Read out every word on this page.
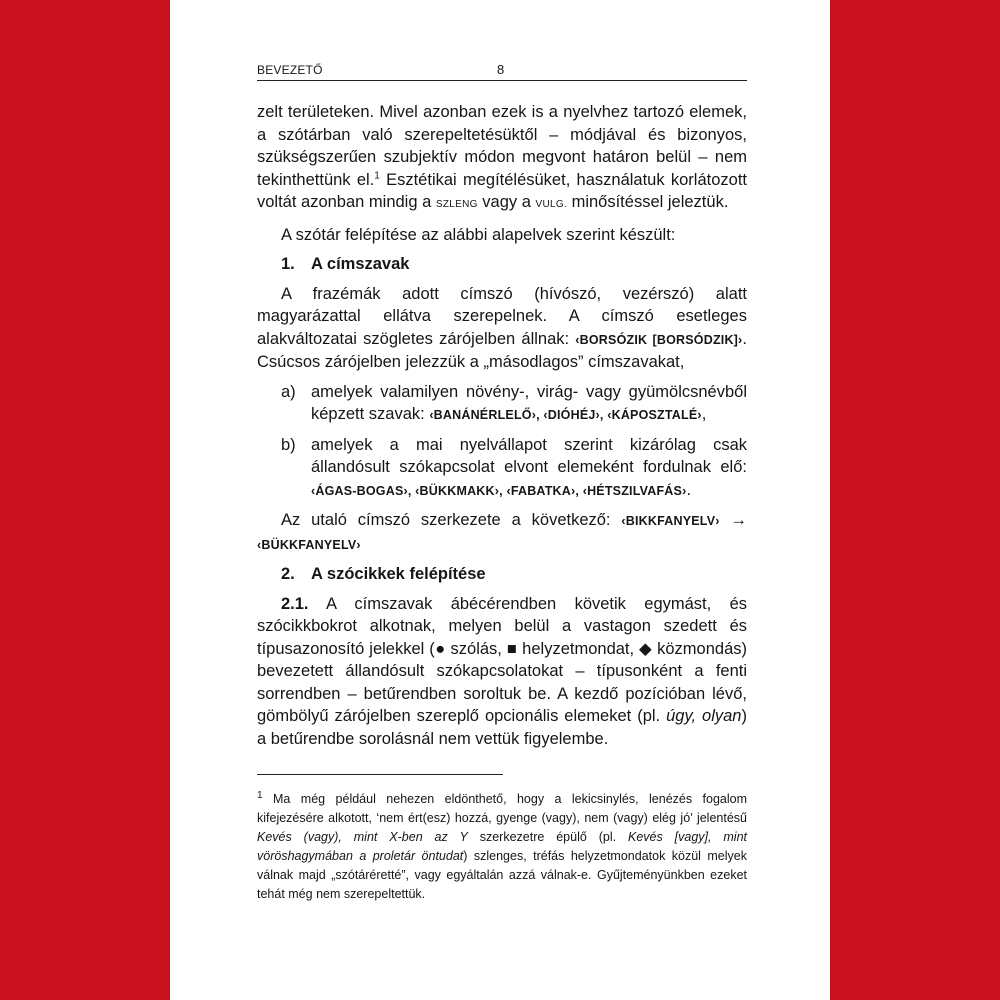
BEVEZETŐ	8

zelt területeken. Mivel azonban ezek is a nyelvhez tartozó elemek, a szótárban való szerepeltetésüktől – módjával és bizonyos, szükségszerűen szubjektív módon megvont határon belül – nem tekinthettünk el.$^1$ Esztétikai megítélésüket, használatuk korlátozott voltát azonban mindig a SZLENG vagy a VULG. minősítéssel jeleztük.

A szótár felépítése az alábbi alapelvek szerint készült:

1. A címszavak

A frazémák adott címszó (hívószó, vezérszó) alatt magyarázattal ellátva szerepelnek. A címszó esetleges alakváltozatai szögletes zárójelben állnak: ‹BORSÓZIK [BORSÓDZIK]›. Csúcsos zárójelben jelezzük a „másodlagos” címszavakat,

a) amelyek valamilyen növény-, virág- vagy gyümölcsnévből képzett szavak: ‹BANÁNÉRLELŐ›, ‹DIÓHÉJ›, ‹KÁPOSZTALÉ›,
b) amelyek a mai nyelvállapot szerint kizárólag csak állandósult szókapcsolat elvont elemeként fordulnak elő: ‹ÁGAS-BOGAS›, ‹BÜKKMAKK›, ‹FABATKA›, ‹HÉTSZILVAFÁS›.

Az utaló címszó szerkezete a következő: ‹BIKKFANYELV› → ‹BÜKKFANYELV›

2. A szócikkek felépítése

2.1. A címszavak ábécérendben követik egymást, és szócikkbokrot alkotnak, melyen belül a vastagon szedett és típusazonosító jelekkel (● szólás, ■ helyzetmondat, ◆ közmondás) bevezetett állandósult szókapcsolatokat – típusonként a fenti sorrendben – betűrendben soroltuk be. A kezdő pozícióban lévő, gömbölyű zárójelben szereplő opcionális elemeket (pl. úgy, olyan) a betűrendbe sorolásnál nem vettük figyelembe.

$^1$ Ma még például nehezen eldönthető, hogy a lekicsinylés, lenézés fogalom kifejezésére alkotott, ‘nem ért(esz) hozzá, gyenge (vagy), nem (vagy) elég jó’ jelentésű Kevés (vagy), mint X-ben az Y szerkezetre épülő (pl. Kevés [vagy], mint vöröshagymában a proletár öntudat) szlenges, tréfás helyzetmondatok közül melyek válnak majd „szótáréretté”, vagy egyáltalán azzá válnak-e. Gyűjteményünkben ezeket tehát még nem szerepeltettük.
